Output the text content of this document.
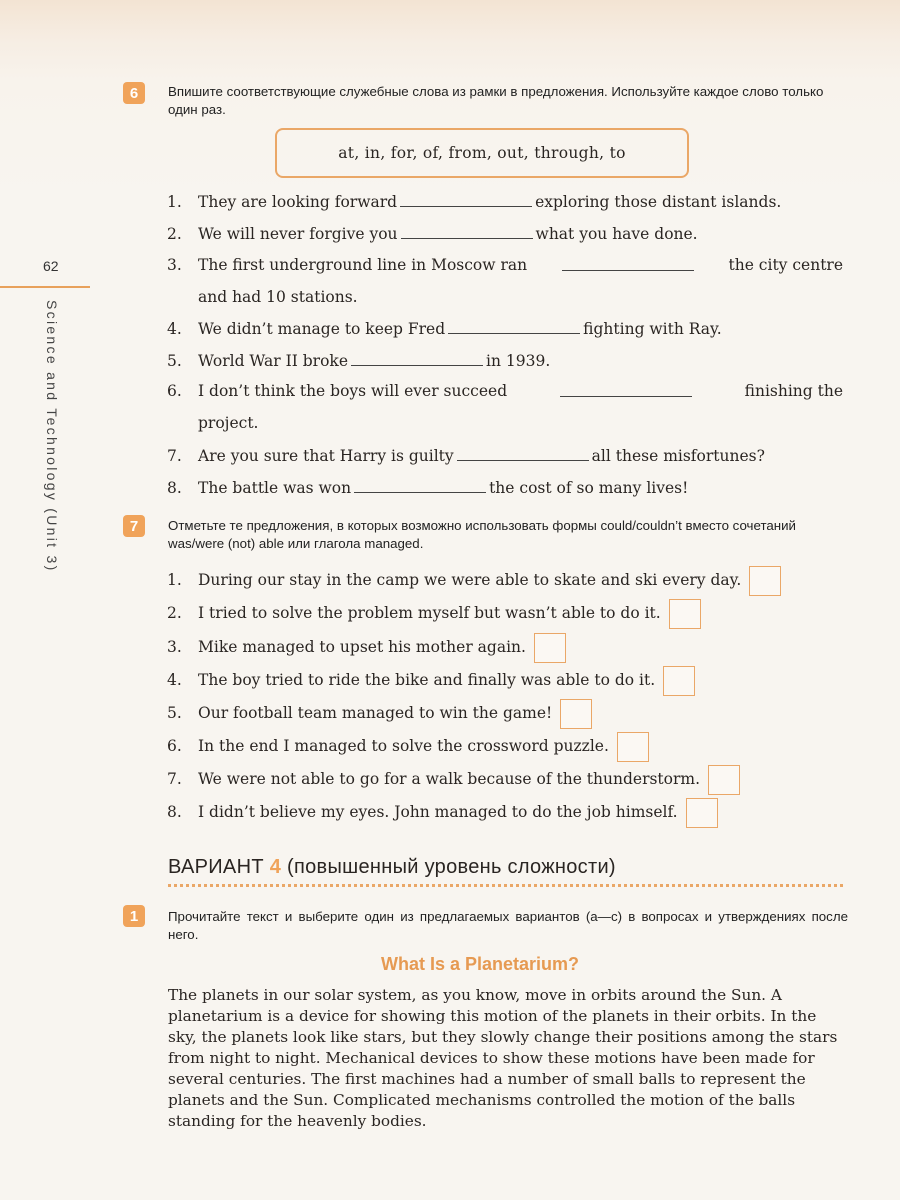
62
Science and Technology (Unit 3)
6	Впишите соответствующие служебные слова из рамки в предложения. Используйте каждое слово только один раз.
at, in, for, of, from, out, through, to
1. They are looking forward	exploring those distant islands.
2. We will never forgive you	what you have done.
3.	The first underground line in Moscow ran	the city centre
and had 10 stations.
4. We didn’t manage to keep Fred	fighting with Ray.
5. World War II broke	in 1939.
6.	I don’t think the boys will ever succeed	finishing the
project.
7. Are you sure that Harry is guilty	all these misfortunes?
8. The battle was won	the cost of so many lives!
7	Отметьте те предложения, в которых возможно использовать формы could/couldn’t вместо сочетаний was/were (not) able или глагола managed.
1. During our stay in the camp we were able to skate and ski every day.
2. I tried to solve the problem myself but wasn’t able to do it.
3. Mike managed to upset his mother again.
4. The boy tried to ride the bike and finally was able to do it.
5. Our football team managed to win the game!
6. In the end I managed to solve the crossword puzzle.
7. We were not able to go for a walk because of the thunderstorm.
8. I didn’t believe my eyes. John managed to do the job himself.
ВАРИАНТ 4 (повышенный уровень сложности)
1	Прочитайте текст и выберите один из предлагаемых вариантов (а—с) в вопросах и утверждениях после него.
What Is a Planetarium?
The planets in our solar system, as you know, move in orbits around the Sun. A planetarium is a device for showing this motion of the planets in their orbits. In the sky, the planets look like stars, but they slowly change their positions among the stars from night to night. Mechanical devices to show these motions have been made for several centuries. The first machines had a number of small balls to represent the planets and the Sun. Complicated mechanisms controlled the motion of the balls standing for the heavenly bodies.
